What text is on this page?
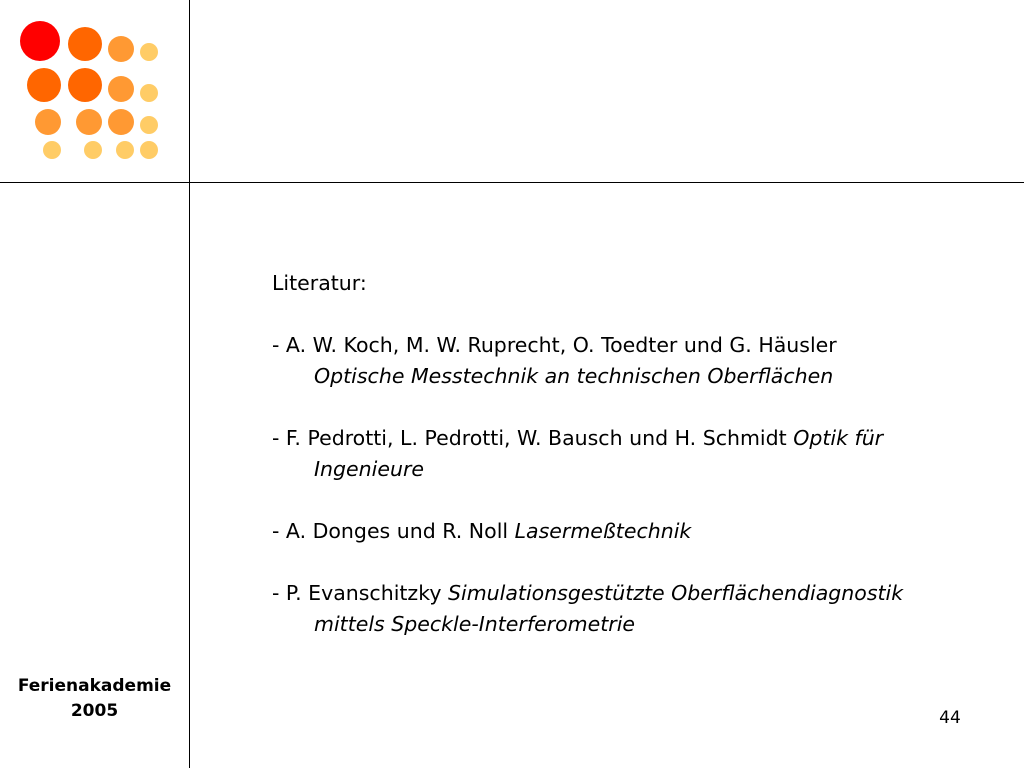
Literatur:
- A. W. Koch, M. W. Ruprecht, O. Toedter und G. Häusler
Optische Messtechnik an technischen Oberflächen
- F. Pedrotti, L. Pedrotti, W. Bausch und H. Schmidt Optik für
Ingenieure
- A. Donges und R. Noll Lasermeßtechnik
- P. Evanschitzky Simulationsgestützte Oberflächendiagnostik
mittels Speckle-Interferometrie
Ferienakademie
2005	44
